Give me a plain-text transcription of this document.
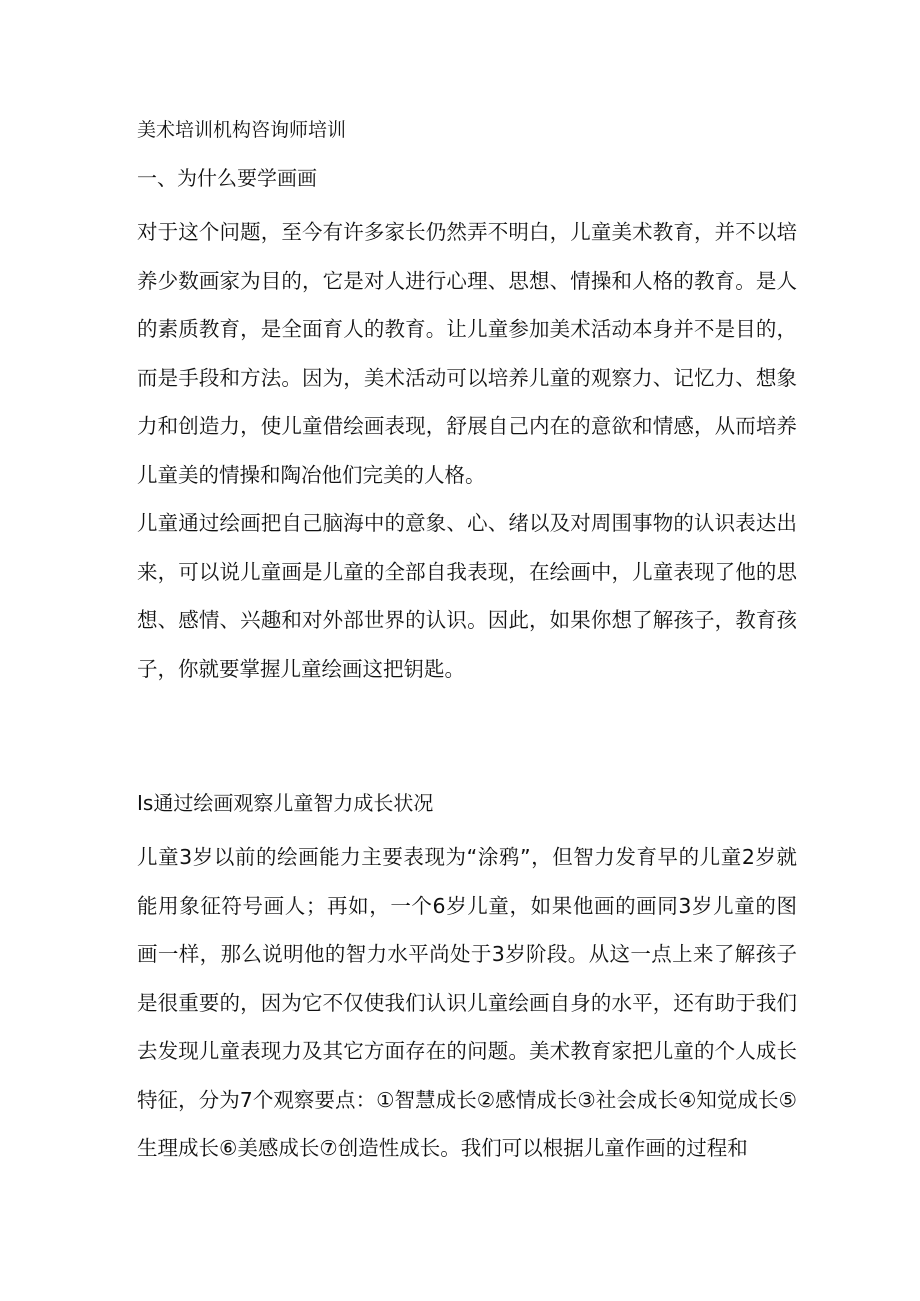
美术培训机构咨询师培训
一、为什么要学画画

对于这个问题，至今有许多家长仍然弄不明白，儿童美术教育，并不以培养少数画家为目的，它是对人进行心理、思想、情操和人格的教育。是人的素质教育，是全面育人的教育。让儿童参加美术活动本身并不是目的，而是手段和方法。因为，美术活动可以培养儿童的观察力、记忆力、想象力和创造力，使儿童借绘画表现，舒展自己内在的意欲和情感，从而培养儿童美的情操和陶冶他们完美的人格。

儿童通过绘画把自己脑海中的意象、心、绪以及对周围事物的认识表达出来，可以说儿童画是儿童的全部自我表现，在绘画中，儿童表现了他的思想、感情、兴趣和对外部世界的认识。因此，如果你想了解孩子，教育孩子，你就要掌握儿童绘画这把钥匙。

Is通过绘画观察儿童智力成长状况

儿童3岁以前的绘画能力主要表现为“涂鸦”，但智力发育早的儿童2岁就能用象征符号画人；再如，一个6岁儿童，如果他画的画同3岁儿童的图画一样，那么说明他的智力水平尚处于3岁阶段。从这一点上来了解孩子是很重要的，因为它不仅使我们认识儿童绘画自身的水平，还有助于我们去发现儿童表现力及其它方面存在的问题。美术教育家把儿童的个人成长特征，分为7个观察要点：①智慧成长②感情成长③社会成长④知觉成长⑤生理成长⑥美感成长⑦创造性成长。我们可以根据儿童作画的过程和
